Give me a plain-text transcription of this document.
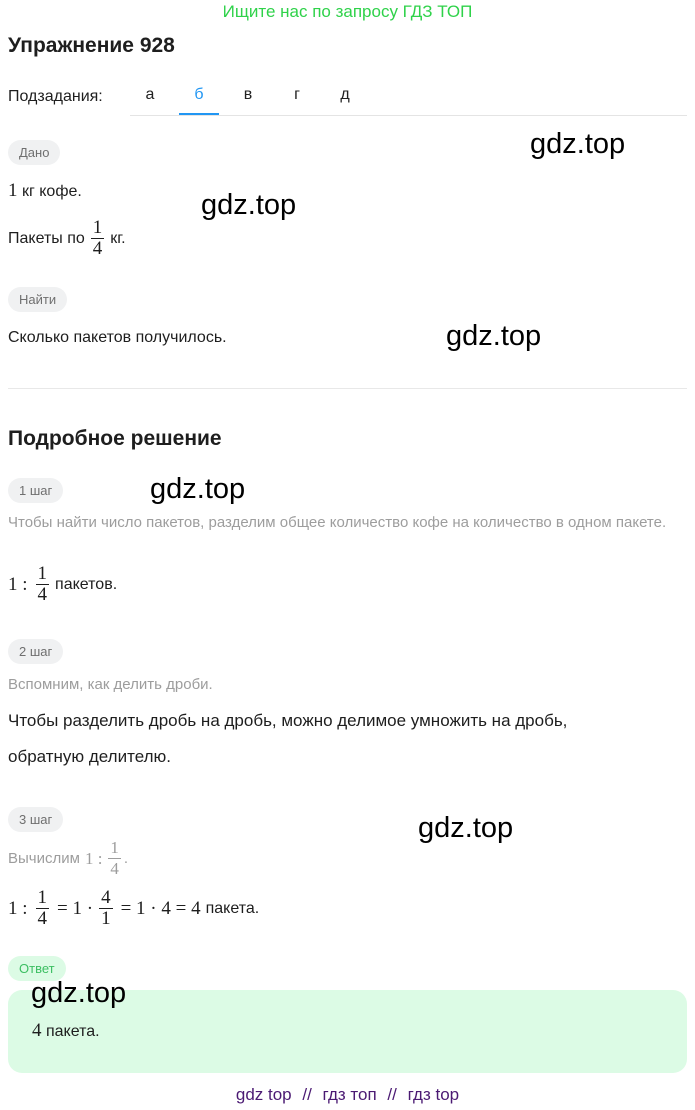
Ищите нас по запросу ГДЗ ТОП
Упражнение 928
Подзадания:	а	б	в	г	д
Дано
1 кг кофе.
Пакеты по $\frac{1}{4}$ кг.
Найти
Сколько пакетов получилось.
Подробное решение
1 шаг
Чтобы найти число пакетов, разделим общее количество кофе на количество в одном пакете.
1 : $\frac{1}{4}$ пакетов.
2 шаг
Вспомним, как делить дроби.
Чтобы разделить дробь на дробь, можно делимое умножить на дробь,
обратную делителю.
3 шаг
Вычислим 1 : $\frac{1}{4}$ .
1 : $\frac{1}{4} = 1 \cdot \frac{4}{1} = 1 \cdot 4 = 4$ пакета.
Ответ
4 пакета.
gdz.top
gdz.top
gdz.top
gdz.top
gdz.top
gdz.top
gdz top // гдз топ // гдз top
